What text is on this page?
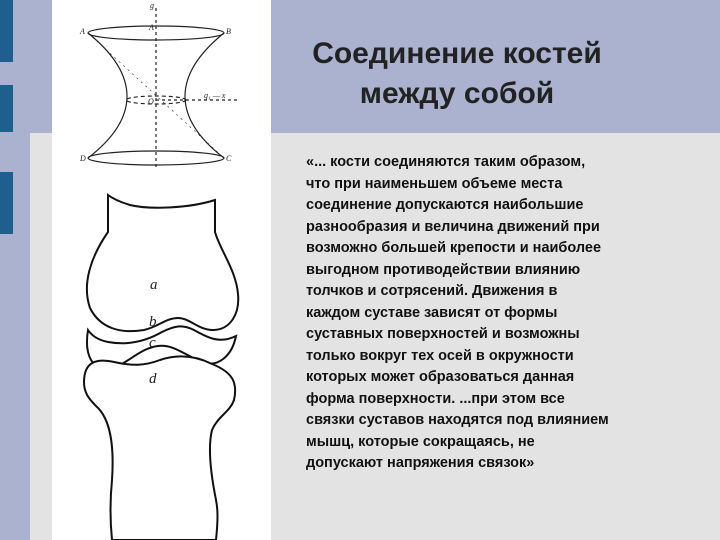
g
A	A	B
O
g₁ — x
D	C
a
b
c
d
Соединение костей
между собой
«... кости соединяются таким образом,
что при наименьшем объеме места
соединение допускаются наибольшие
разнообразия и величина движений при
возможно большей крепости и наиболее
выгодном противодействии влиянию
толчков и сотрясений. Движения в
каждом суставе зависят от формы
суставных поверхностей и возможны
только вокруг тех осей в окружности
которых может образоваться данная
форма поверхности. ...при этом все
связки суставов находятся под влиянием
мышц, которые сокращаясь, не
допускают напряжения связок»
